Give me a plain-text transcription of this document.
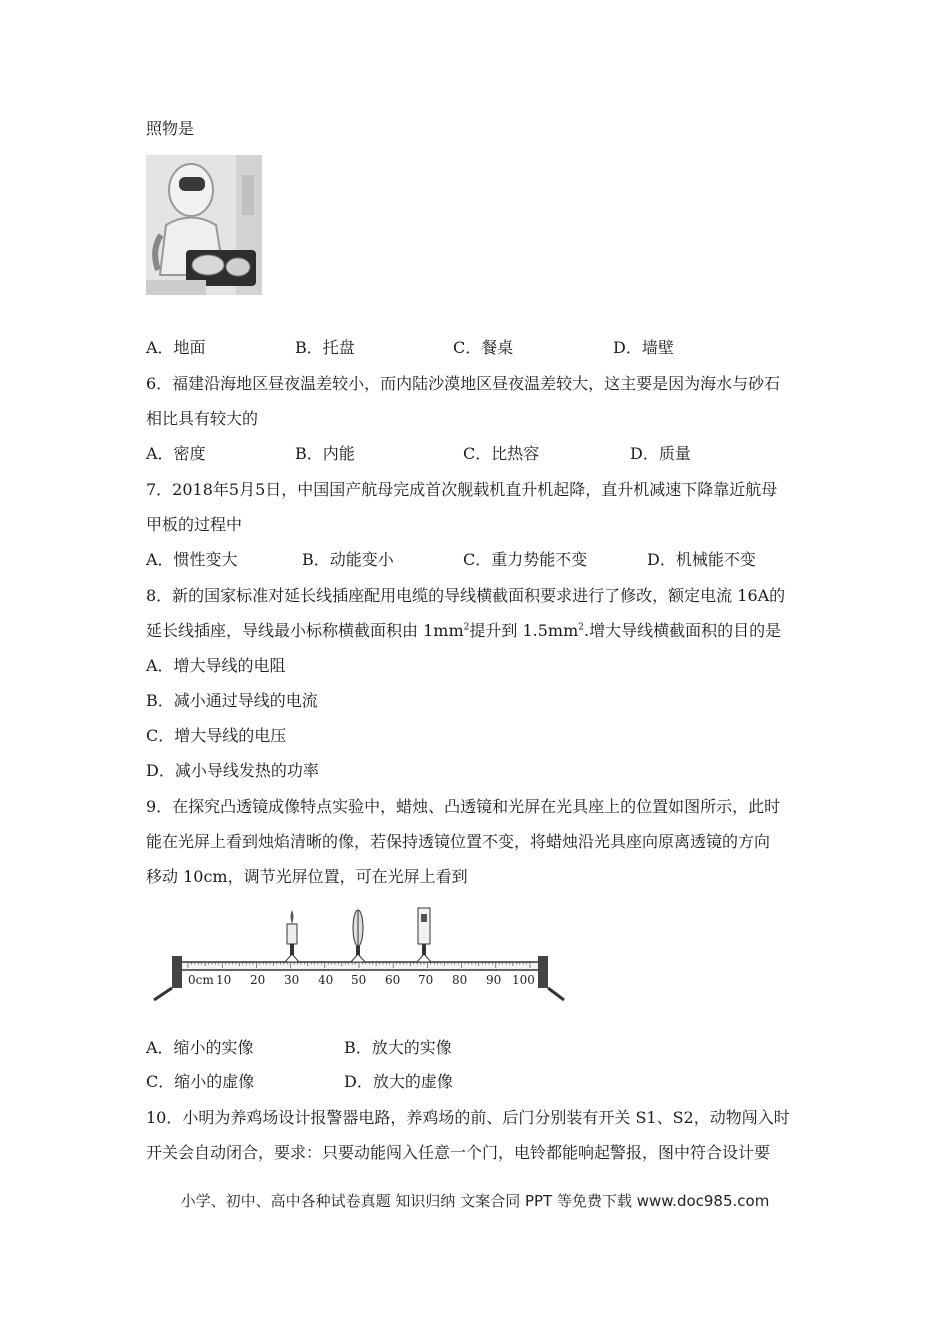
照物是
A．地面	B．托盘	C．餐桌	D．墙壁
6．福建沿海地区昼夜温差较小，而内陆沙漠地区昼夜温差较大，这主要是因为海水与砂石
相比具有较大的
A．密度	B．内能	C．比热容	D．质量
7．2018年5月5日，中国国产航母完成首次舰载机直升机起降，直升机减速下降靠近航母
甲板的过程中
A．惯性变大	B．动能变小	C．重力势能不变	D．机械能不变
8．新的国家标准对延长线插座配用电缆的导线横截面积要求进行了修改，额定电流 16A的
延长线插座，导线最小标称横截面积由 $1mm^2$提升到 $1.5mm^2$.增大导线横截面积的目的是
A．增大导线的电阻
B．减小通过导线的电流
C．增大导线的电压
D．减小导线发热的功率
9．在探究凸透镜成像特点实验中，蜡烛、凸透镜和光屏在光具座上的位置如图所示，此时
能在光屏上看到烛焰清晰的像，若保持透镜位置不变，将蜡烛沿光具座向原离透镜的方向
移动 10cm，调节光屏位置，可在光屏上看到
0cm 10 20 30 40 50 60 70 80 90 100
A．缩小的实像	B．放大的实像
C．缩小的虚像	D．放大的虚像
10．小明为养鸡场设计报警器电路，养鸡场的前、后门分别装有开关 S1、S2，动物闯入时
开关会自动闭合，要求：只要动能闯入任意一个门，电铃都能响起警报，图中符合设计要
小学、初中、高中各种试卷真题 知识归纳 文案合同 PPT 等免费下载 www.doc985.com
